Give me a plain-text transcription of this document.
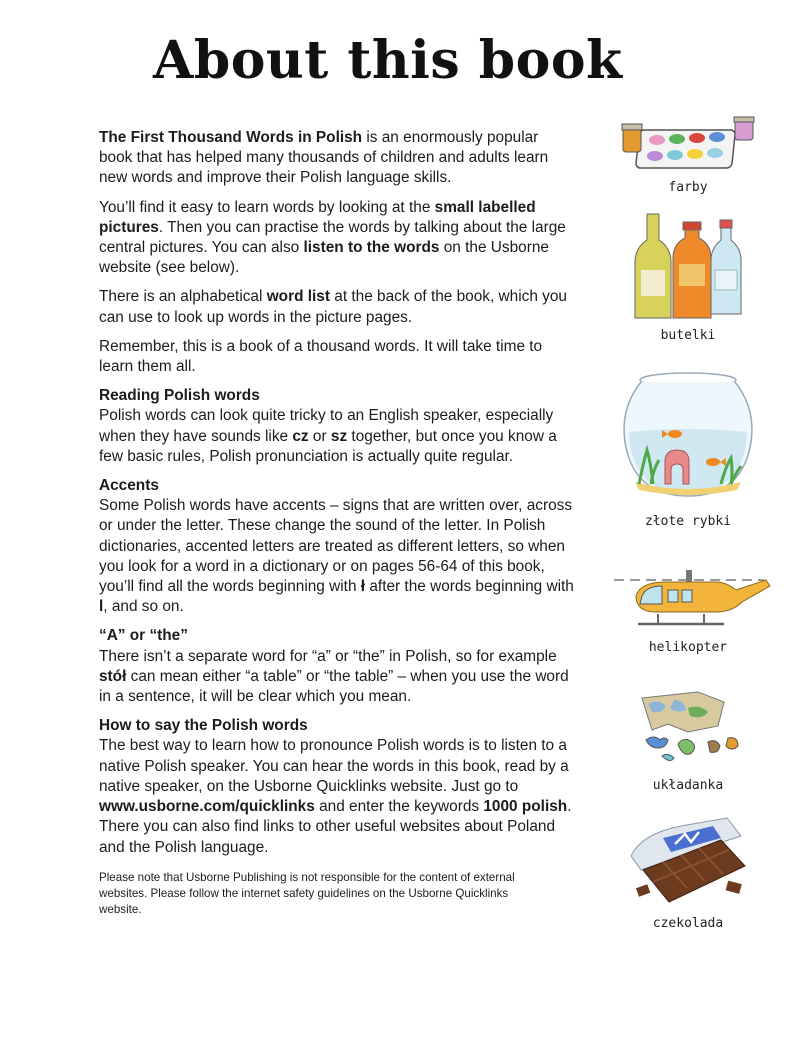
About this book

The First Thousand Words in Polish is an enormously popular book that has helped many thousands of children and adults learn new words and improve their Polish language skills.

You’ll find it easy to learn words by looking at the small labelled pictures. Then you can practise the words by talking about the large central pictures. You can also listen to the words on the Usborne website (see below).

There is an alphabetical word list at the back of the book, which you can use to look up words in the picture pages.

Remember, this is a book of a thousand words. It will take time to learn them all.

Reading Polish words

Polish words can look quite tricky to an English speaker, especially when they have sounds like cz or sz together, but once you know a few basic rules, Polish pronunciation is actually quite regular.

Accents

Some Polish words have accents – signs that are written over, across or under the letter. These change the sound of the letter. In Polish dictionaries, accented letters are treated as different letters, so when you look for a word in a dictionary or on pages 56-64 of this book, you’ll find all the words beginning with ł after the words beginning with l, and so on.

“A” or “the”

There isn’t a separate word for “a” or “the” in Polish, so for example stół can mean either “a table” or “the table” – when you use the word in a sentence, it will be clear which you mean.

How to say the Polish words

The best way to learn how to pronounce Polish words is to listen to a native Polish speaker. You can hear the words in this book, read by a native speaker, on the Usborne Quicklinks website. Just go to www.usborne.com/quicklinks and enter the keywords 1000 polish. There you can also find links to other useful websites about Poland and the Polish language.

Please note that Usborne Publishing is not responsible for the content of external websites. Please follow the internet safety guidelines on the Usborne Quicklinks website.

farby
butelki
złote rybki
helikopter
układanka
czekolada
